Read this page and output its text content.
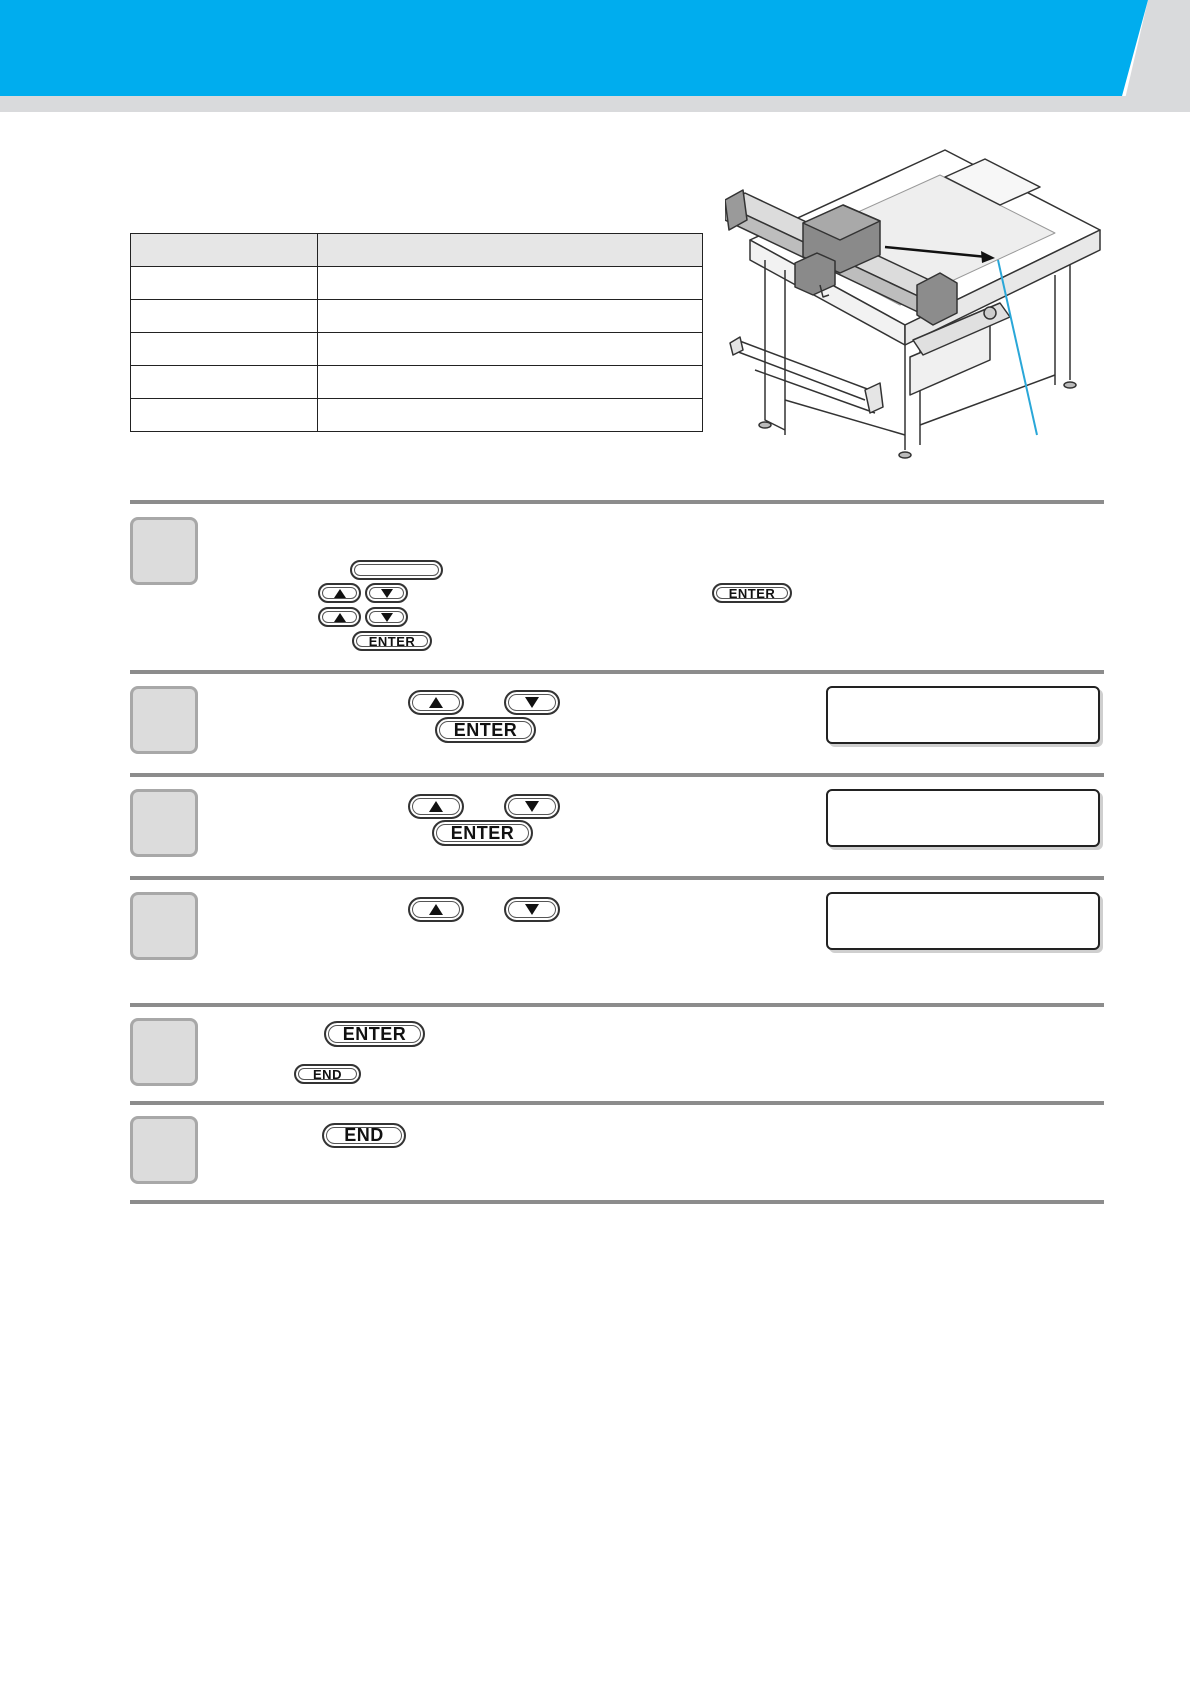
ENTER
ENTER
ENTER
ENTER
ENTER
END
END
